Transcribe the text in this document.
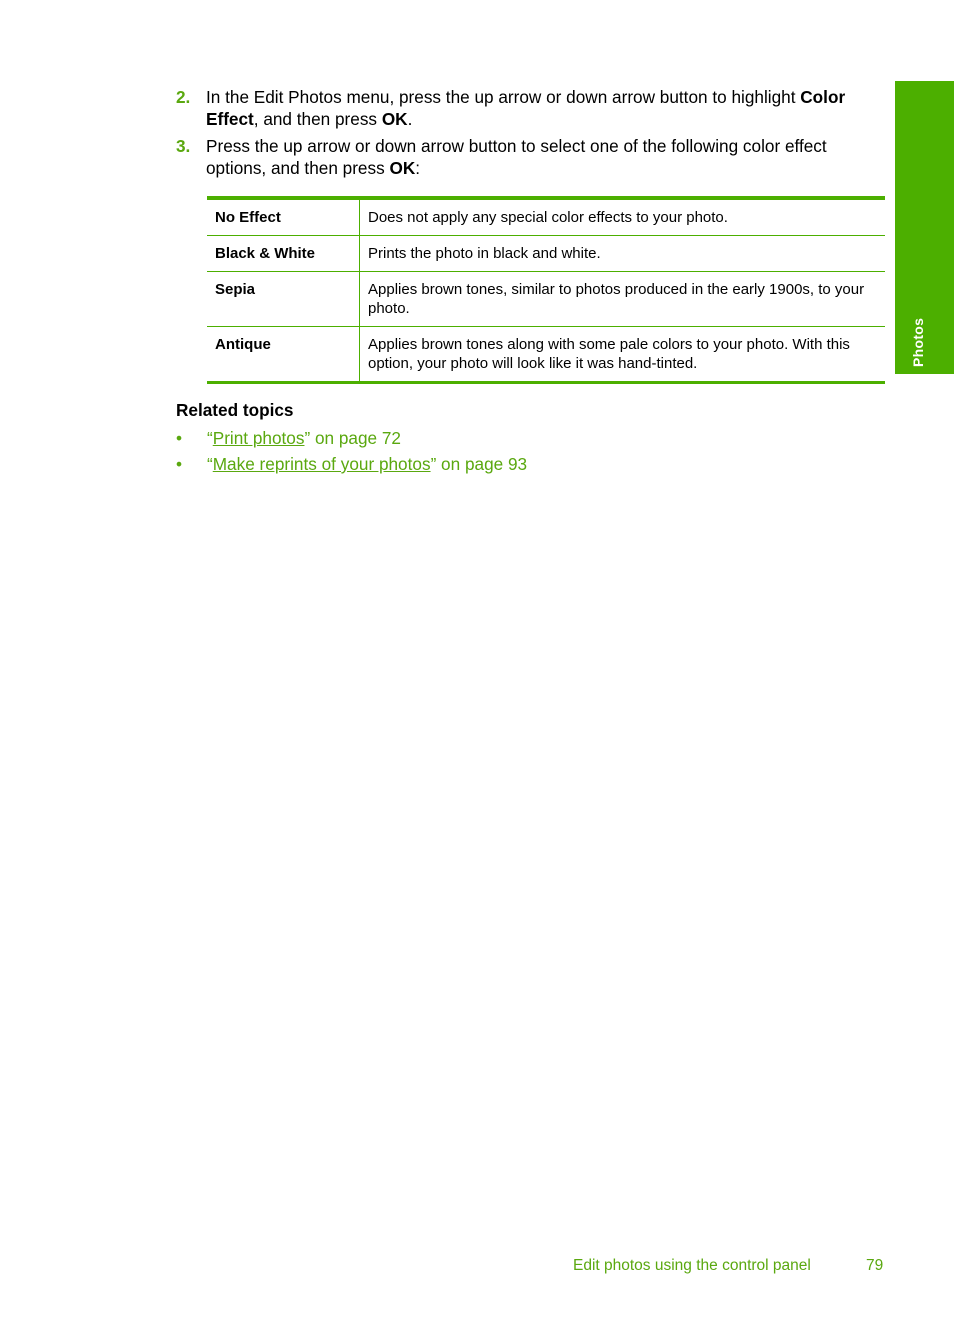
Photos
2. In the Edit Photos menu, press the up arrow or down arrow button to highlight Color Effect, and then press OK.
3. Press the up arrow or down arrow button to select one of the following color effect options, and then press OK:
No Effect	Does not apply any special color effects to your photo.
Black & White	Prints the photo in black and white.
Sepia	Applies brown tones, similar to photos produced in the early 1900s, to your photo.
Antique	Applies brown tones along with some pale colors to your photo. With this option, your photo will look like it was hand-tinted.
Related topics
• “Print photos” on page 72
• “Make reprints of your photos” on page 93
Edit photos using the control panel	79
